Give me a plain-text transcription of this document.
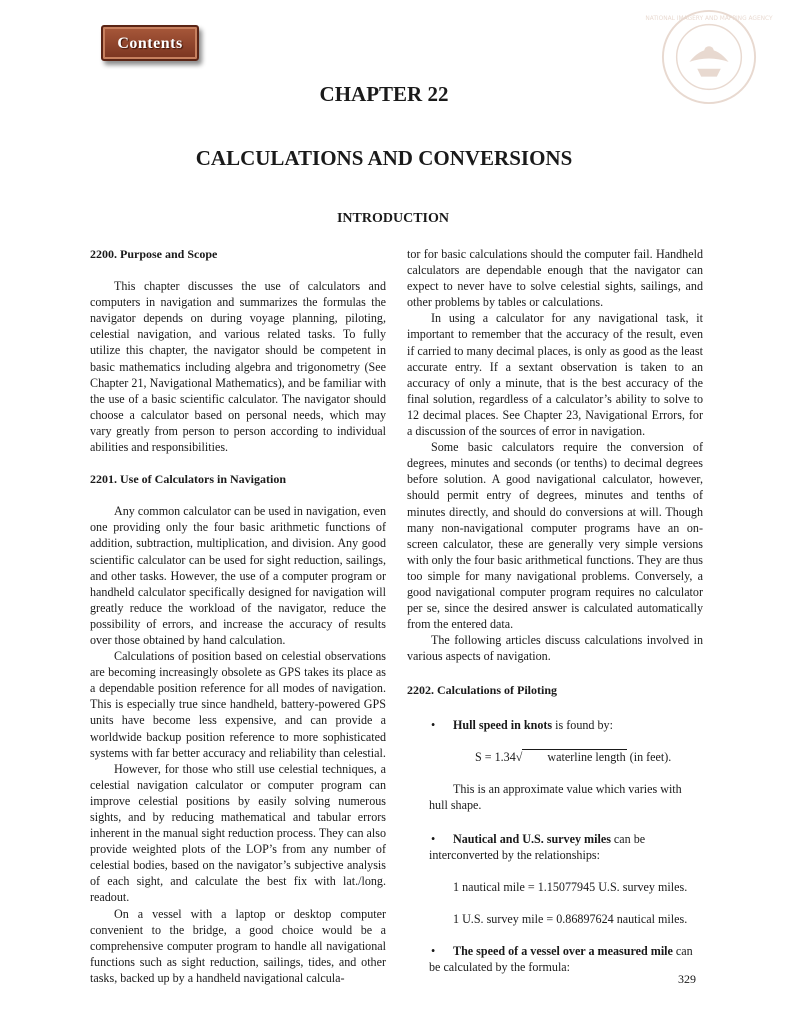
Contents
NATIONAL IMAGERY AND MAPPING AGENCY
CHAPTER 22
CALCULATIONS AND CONVERSIONS
INTRODUCTION
2200. Purpose and Scope

This chapter discusses the use of calculators and computers in navigation and summarizes the formulas the navigator depends on during voyage planning, piloting, celestial navigation, and various related tasks. To fully utilize this chapter, the navigator should be competent in basic mathematics including algebra and trigonometry (See Chapter 21, Navigational Mathematics), and be familiar with the use of a basic scientific calculator. The navigator should choose a calculator based on personal needs, which may vary greatly from person to person according to individual abilities and responsibilities.

2201. Use of Calculators in Navigation

Any common calculator can be used in navigation, even one providing only the four basic arithmetic functions of addition, subtraction, multiplication, and division. Any good scientific calculator can be used for sight reduction, sailings, and other tasks. However, the use of a computer program or handheld calculator specifically designed for navigation will greatly reduce the workload of the navigator, reduce the possibility of errors, and increase the accuracy of results over those obtained by hand calculation.

Calculations of position based on celestial observations are becoming increasingly obsolete as GPS takes its place as a dependable position reference for all modes of navigation. This is especially true since handheld, battery-powered GPS units have become less expensive, and can provide a worldwide backup position reference to more sophisticated systems with far better accuracy and reliability than celestial.

However, for those who still use celestial techniques, a celestial navigation calculator or computer program can improve celestial positions by easily solving numerous sights, and by reducing mathematical and tabular errors inherent in the manual sight reduction process. They can also provide weighted plots of the LOP’s from any number of celestial bodies, based on the navigator’s subjective analysis of each sight, and calculate the best fix with lat./long. readout.

On a vessel with a laptop or desktop computer convenient to the bridge, a good choice would be a comprehensive computer program to handle all navigational functions such as sight reduction, sailings, tides, and other tasks, backed up by a handheld navigational calcula-

tor for basic calculations should the computer fail. Handheld calculators are dependable enough that the navigator can expect to never have to solve celestial sights, sailings, and other problems by tables or calculations.

In using a calculator for any navigational task, it important to remember that the accuracy of the result, even if carried to many decimal places, is only as good as the least accurate entry. If a sextant observation is taken to an accuracy of only a minute, that is the best accuracy of the final solution, regardless of a calculator’s ability to solve to 12 decimal places. See Chapter 23, Navigational Errors, for a discussion of the sources of error in navigation.

Some basic calculators require the conversion of degrees, minutes and seconds (or tenths) to decimal degrees before solution. A good navigational calculator, however, should permit entry of degrees, minutes and tenths of minutes directly, and should do conversions at will. Though many non-navigational computer programs have an on-screen calculator, these are generally very simple versions with only the four basic arithmetical functions. They are thus too simple for many navigational problems. Conversely, a good navigational computer program requires no calculator per se, since the desired answer is calculated automatically from the entered data.

The following articles discuss calculations involved in various aspects of navigation.

2202. Calculations of Piloting

• Hull speed in knots is found by:

S = 1.34√ waterline length (in feet).

This is an approximate value which varies with hull shape.

• Nautical and U.S. survey miles can be interconverted by the relationships:

1 nautical mile = 1.15077945 U.S. survey miles.

1 U.S. survey mile = 0.86897624 nautical miles.

• The speed of a vessel over a measured mile can be calculated by the formula:

329
